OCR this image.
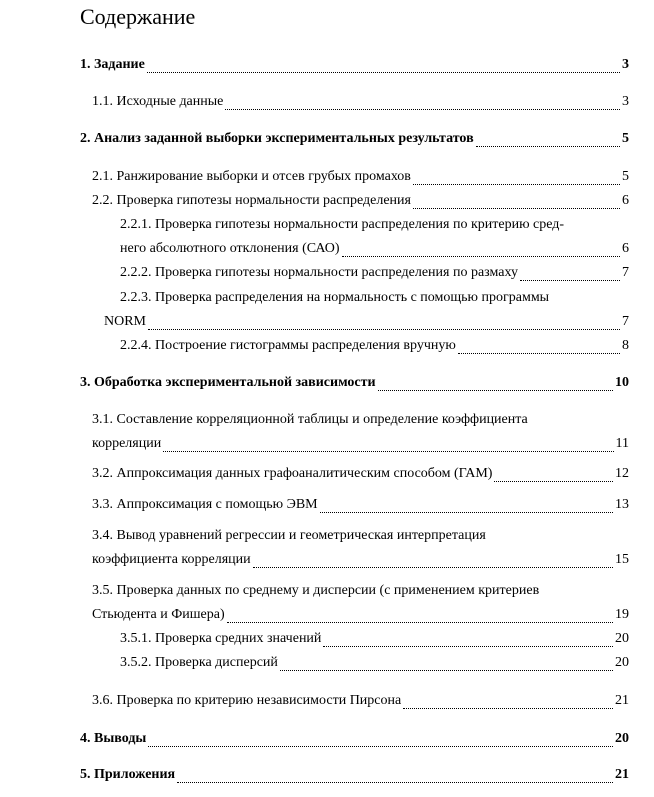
Содержание
1. Задание	3
1.1. Исходные данные	3
2. Анализ заданной выборки экспериментальных результатов	5
2.1. Ранжирование выборки и отсев грубых промахов	5
2.2. Проверка гипотезы нормальности распределения	6
2.2.1. Проверка гипотезы нормальности распределения по критерию сред-
него абсолютного отклонения (САО)	6
2.2.2. Проверка гипотезы нормальности распределения по размаху	7
2.2.3. Проверка распределения на нормальность с помощью программы
NORM	7
2.2.4. Построение гистограммы распределения вручную	8
3. Обработка экспериментальной зависимости	10
3.1. Составление корреляционной таблицы и определение коэффициента
корреляции	11
3.2. Аппроксимация данных графоаналитическим способом (ГАМ)	12
3.3. Аппроксимация с помощью ЭВМ	13
3.4. Вывод уравнений регрессии и геометрическая интерпретация
коэффициента корреляции	15
3.5. Проверка данных по среднему и дисперсии (с применением критериев
Стьюдента и Фишера)	19
3.5.1. Проверка средних значений	20
3.5.2. Проверка дисперсий	20
3.6. Проверка по критерию независимости Пирсона	21
4. Выводы	20
5. Приложения	21
